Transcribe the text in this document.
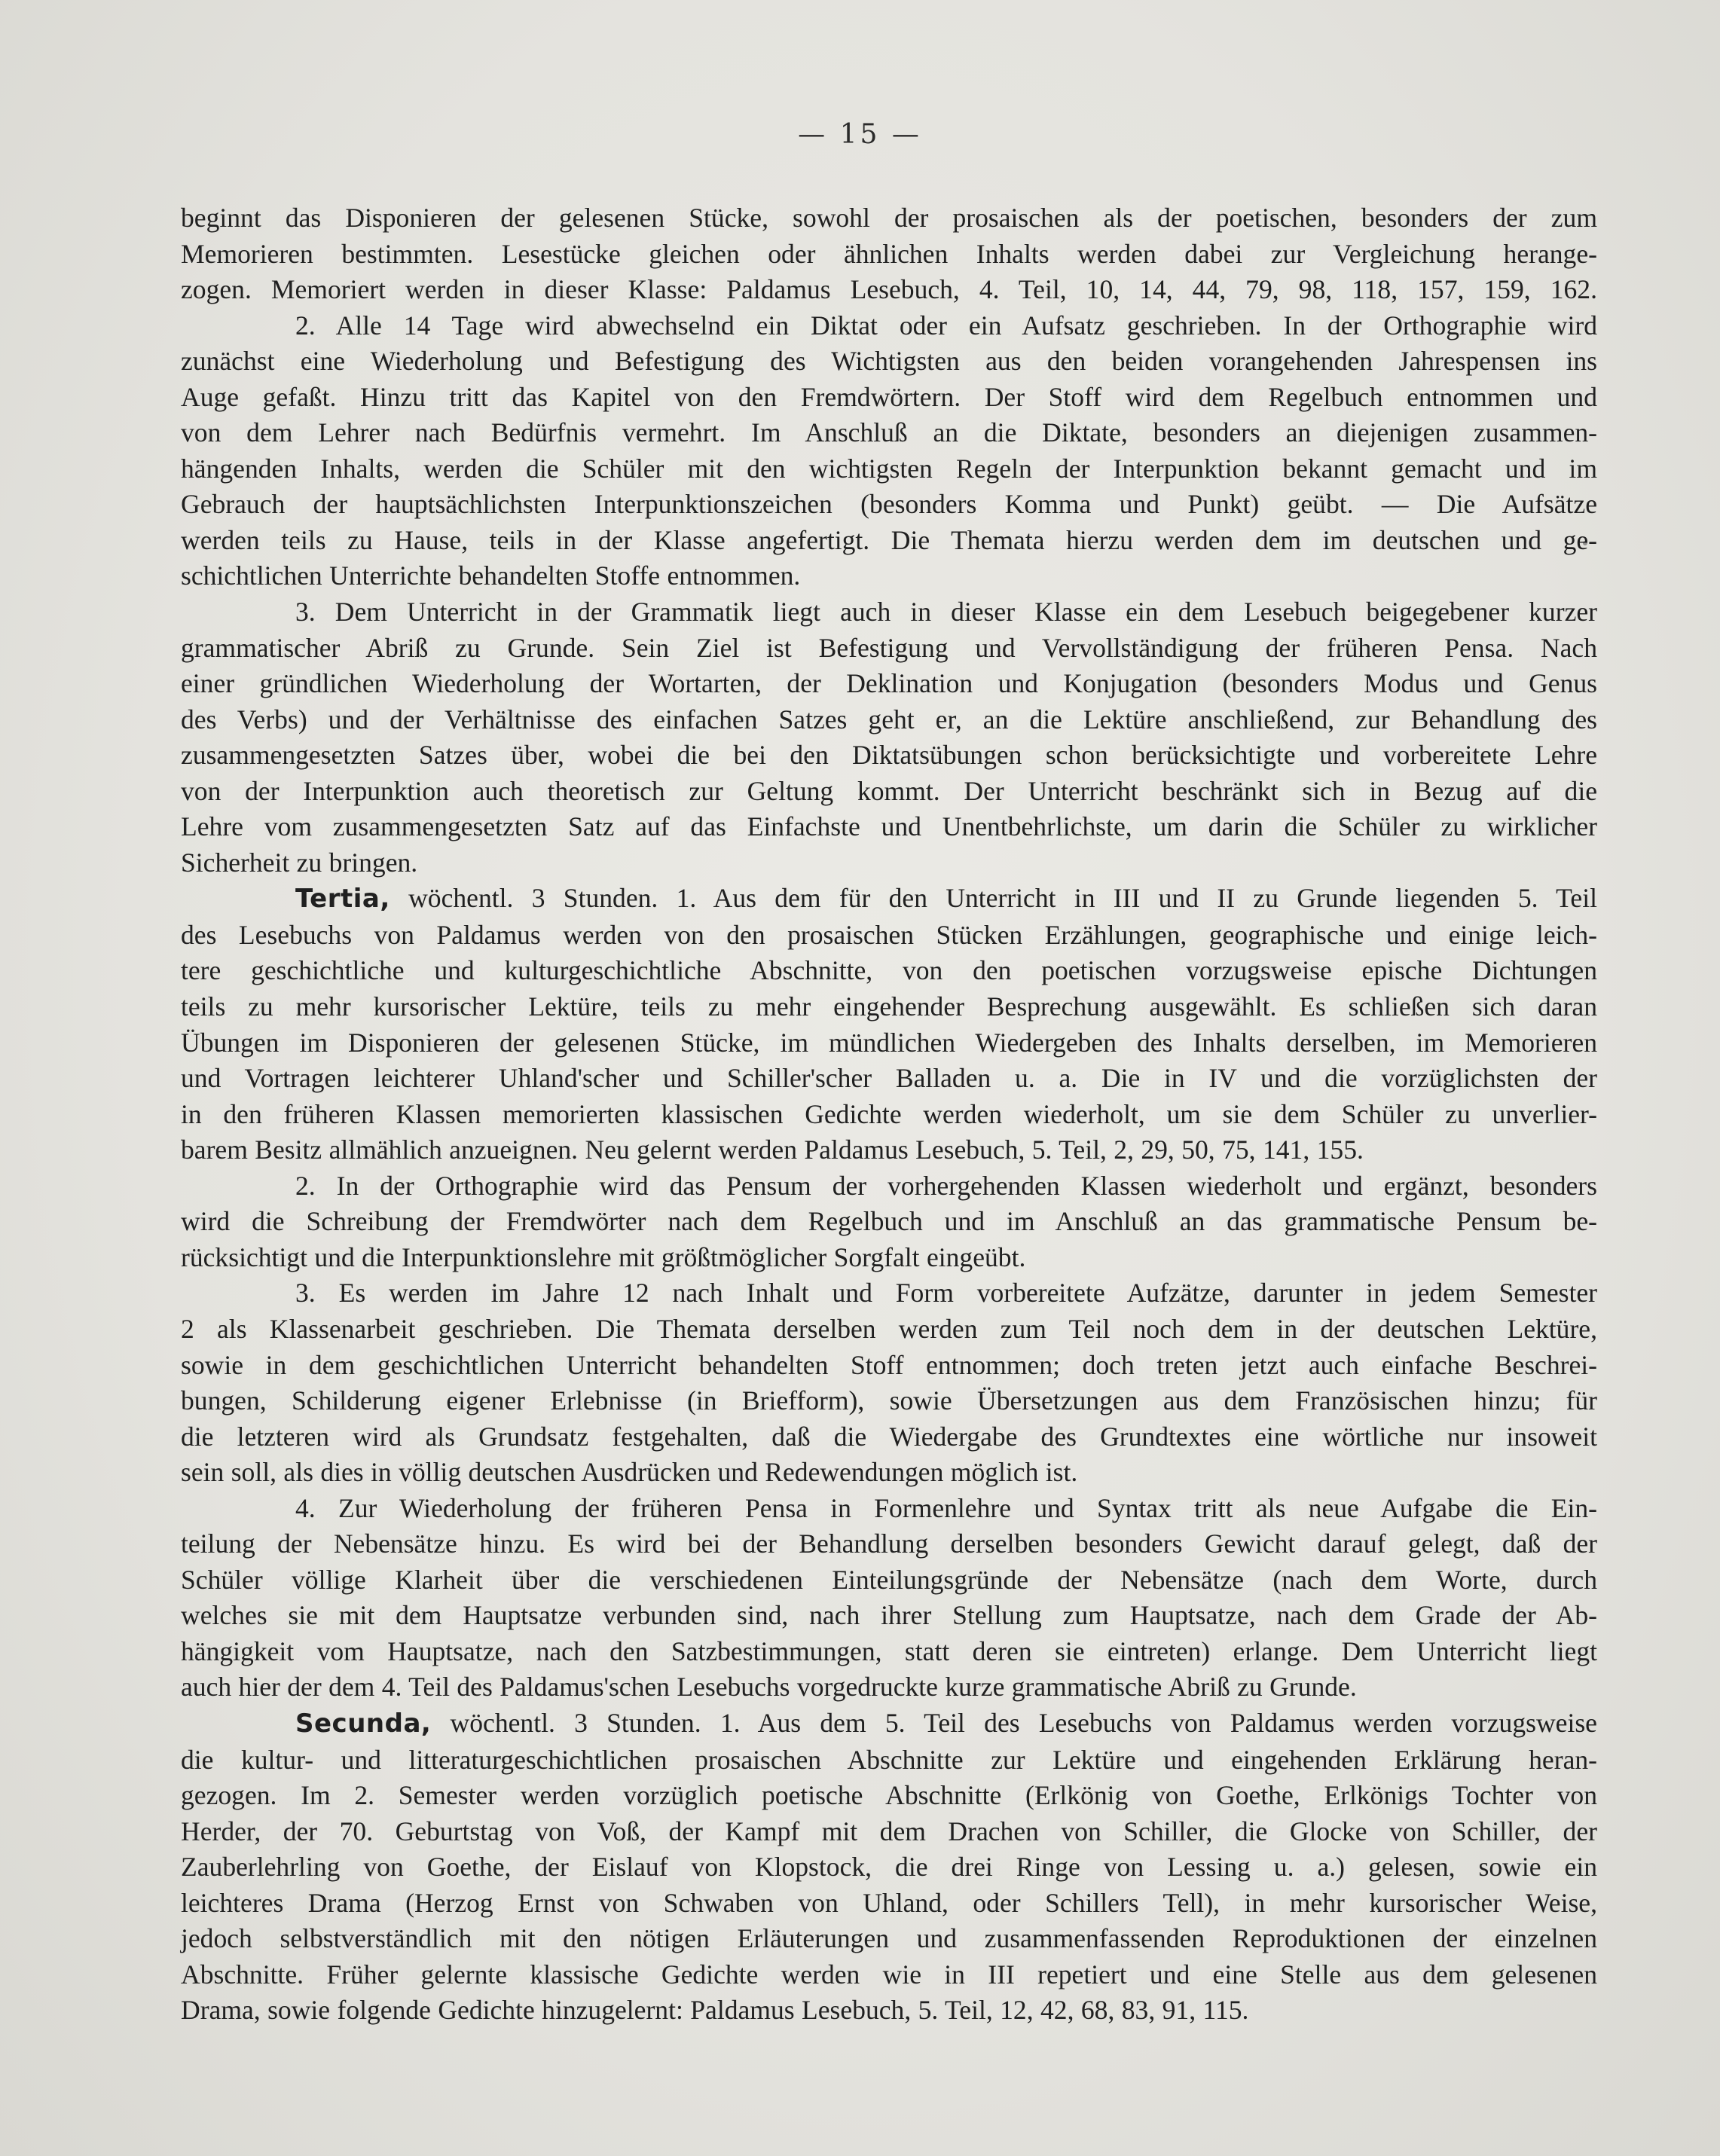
— 15 —

beginnt das Disponieren der gelesenen Stücke, sowohl der prosaischen als der poetischen, besonders der zum

Memorieren bestimmten. Lesestücke gleichen oder ähnlichen Inhalts werden dabei zur Vergleichung herange-

zogen. Memoriert werden in dieser Klasse: Paldamus Lesebuch, 4. Teil, 10, 14, 44, 79, 98, 118, 157, 159, 162.

2. Alle 14 Tage wird abwechselnd ein Diktat oder ein Aufsatz geschrieben. In der Orthographie wird

zunächst eine Wiederholung und Befestigung des Wichtigsten aus den beiden vorangehenden Jahrespensen ins

Auge gefaßt. Hinzu tritt das Kapitel von den Fremdwörtern. Der Stoff wird dem Regelbuch entnommen und

von dem Lehrer nach Bedürfnis vermehrt. Im Anschluß an die Diktate, besonders an diejenigen zusammen-

hängenden Inhalts, werden die Schüler mit den wichtigsten Regeln der Interpunktion bekannt gemacht und im

Gebrauch der hauptsächlichsten Interpunktionszeichen (besonders Komma und Punkt) geübt. — Die Aufsätze

werden teils zu Hause, teils in der Klasse angefertigt. Die Themata hierzu werden dem im deutschen und ge-

schichtlichen Unterrichte behandelten Stoffe entnommen.

3. Dem Unterricht in der Grammatik liegt auch in dieser Klasse ein dem Lesebuch beigegebener kurzer

grammatischer Abriß zu Grunde. Sein Ziel ist Befestigung und Vervollständigung der früheren Pensa. Nach

einer gründlichen Wiederholung der Wortarten, der Deklination und Konjugation (besonders Modus und Genus

des Verbs) und der Verhältnisse des einfachen Satzes geht er, an die Lektüre anschließend, zur Behandlung des

zusammengesetzten Satzes über, wobei die bei den Diktatsübungen schon berücksichtigte und vorbereitete Lehre

von der Interpunktion auch theoretisch zur Geltung kommt. Der Unterricht beschränkt sich in Bezug auf die

Lehre vom zusammengesetzten Satz auf das Einfachste und Unentbehrlichste, um darin die Schüler zu wirklicher

Sicherheit zu bringen.

Tertia, wöchentl. 3 Stunden. 1. Aus dem für den Unterricht in III und II zu Grunde liegenden 5. Teil

des Lesebuchs von Paldamus werden von den prosaischen Stücken Erzählungen, geographische und einige leich-

tere geschichtliche und kulturgeschichtliche Abschnitte, von den poetischen vorzugsweise epische Dichtungen

teils zu mehr kursorischer Lektüre, teils zu mehr eingehender Besprechung ausgewählt. Es schließen sich daran

Übungen im Disponieren der gelesenen Stücke, im mündlichen Wiedergeben des Inhalts derselben, im Memorieren

und Vortragen leichterer Uhland'scher und Schiller'scher Balladen u. a. Die in IV und die vorzüglichsten der

in den früheren Klassen memorierten klassischen Gedichte werden wiederholt, um sie dem Schüler zu unverlier-

barem Besitz allmählich anzueignen. Neu gelernt werden Paldamus Lesebuch, 5. Teil, 2, 29, 50, 75, 141, 155.

2. In der Orthographie wird das Pensum der vorhergehenden Klassen wiederholt und ergänzt, besonders

wird die Schreibung der Fremdwörter nach dem Regelbuch und im Anschluß an das grammatische Pensum be-

rücksichtigt und die Interpunktionslehre mit größtmöglicher Sorgfalt eingeübt.

3. Es werden im Jahre 12 nach Inhalt und Form vorbereitete Aufzätze, darunter in jedem Semester

2 als Klassenarbeit geschrieben. Die Themata derselben werden zum Teil noch dem in der deutschen Lektüre,

sowie in dem geschichtlichen Unterricht behandelten Stoff entnommen; doch treten jetzt auch einfache Beschrei-

bungen, Schilderung eigener Erlebnisse (in Briefform), sowie Übersetzungen aus dem Französischen hinzu; für

die letzteren wird als Grundsatz festgehalten, daß die Wiedergabe des Grundtextes eine wörtliche nur insoweit

sein soll, als dies in völlig deutschen Ausdrücken und Redewendungen möglich ist.

4. Zur Wiederholung der früheren Pensa in Formenlehre und Syntax tritt als neue Aufgabe die Ein-

teilung der Nebensätze hinzu. Es wird bei der Behandlung derselben besonders Gewicht darauf gelegt, daß der

Schüler völlige Klarheit über die verschiedenen Einteilungsgründe der Nebensätze (nach dem Worte, durch

welches sie mit dem Hauptsatze verbunden sind, nach ihrer Stellung zum Hauptsatze, nach dem Grade der Ab-

hängigkeit vom Hauptsatze, nach den Satzbestimmungen, statt deren sie eintreten) erlange. Dem Unterricht liegt

auch hier der dem 4. Teil des Paldamus'schen Lesebuchs vorgedruckte kurze grammatische Abriß zu Grunde.

Secunda, wöchentl. 3 Stunden. 1. Aus dem 5. Teil des Lesebuchs von Paldamus werden vorzugsweise

die kultur- und litteraturgeschichtlichen prosaischen Abschnitte zur Lektüre und eingehenden Erklärung heran-

gezogen. Im 2. Semester werden vorzüglich poetische Abschnitte (Erlkönig von Goethe, Erlkönigs Tochter von

Herder, der 70. Geburtstag von Voß, der Kampf mit dem Drachen von Schiller, die Glocke von Schiller, der

Zauberlehrling von Goethe, der Eislauf von Klopstock, die drei Ringe von Lessing u. a.) gelesen, sowie ein

leichteres Drama (Herzog Ernst von Schwaben von Uhland, oder Schillers Tell), in mehr kursorischer Weise,

jedoch selbstverständlich mit den nötigen Erläuterungen und zusammenfassenden Reproduktionen der einzelnen

Abschnitte. Früher gelernte klassische Gedichte werden wie in III repetiert und eine Stelle aus dem gelesenen

Drama, sowie folgende Gedichte hinzugelernt: Paldamus Lesebuch, 5. Teil, 12, 42, 68, 83, 91, 115.
